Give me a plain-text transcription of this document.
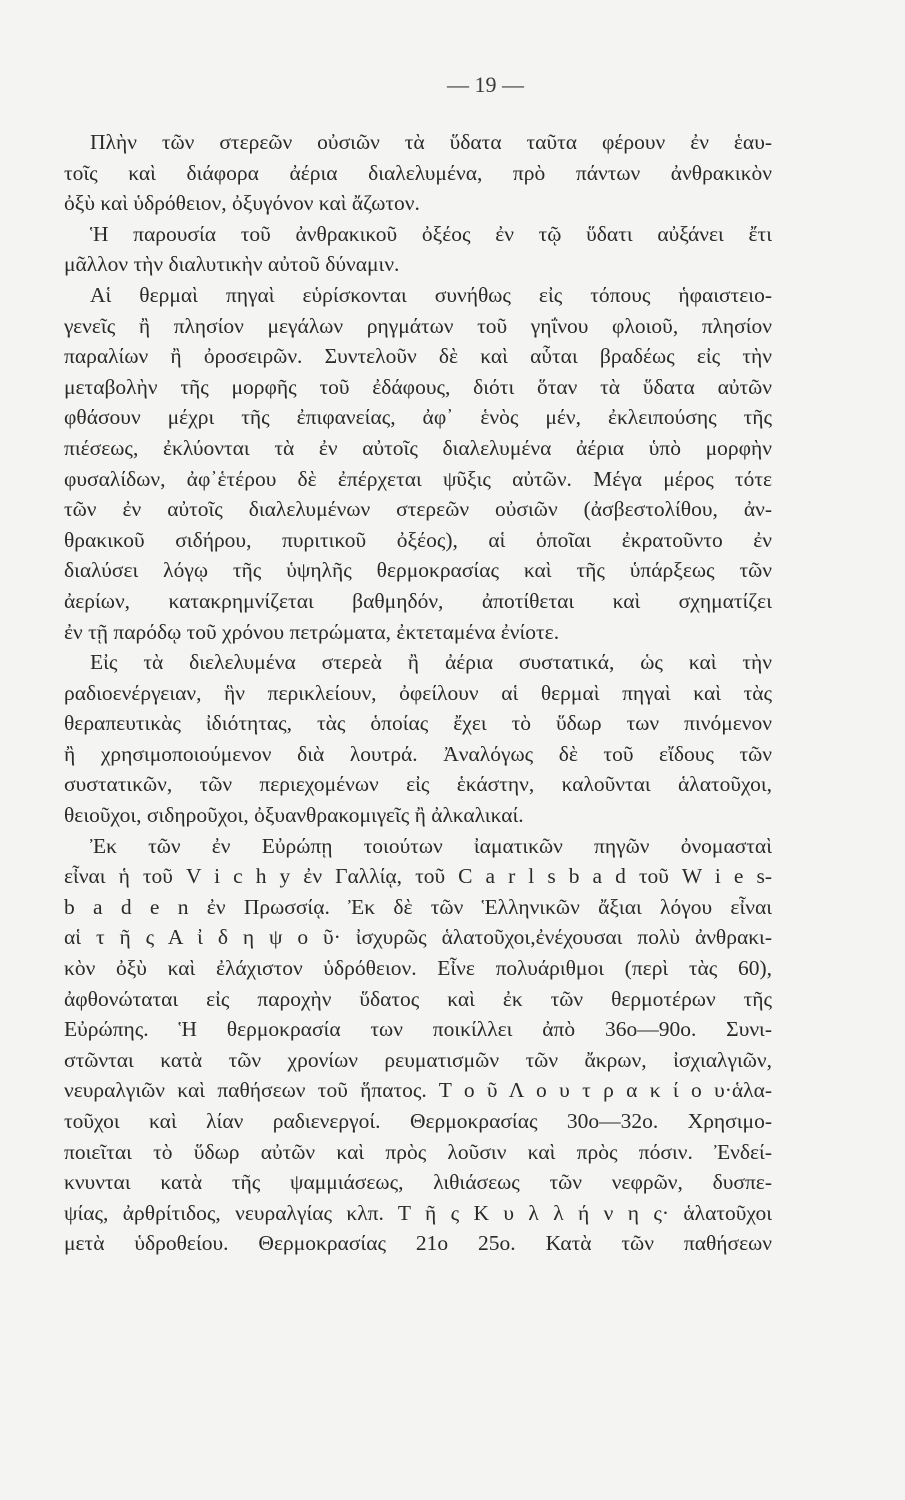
— 19 —
Πλὴν τῶν στερεῶν οὐσιῶν τὰ ὕδατα ταῦτα φέρουν ἐν ἑαυ-
τοῖς καὶ διάφορα ἀέρια διαλελυμένα, πρὸ πάντων ἀνθρακικὸν
ὀξὺ καὶ ὑδρόθειον, ὀξυγόνον καὶ ἄζωτον.
Ἡ παρουσία τοῦ ἀνθρακικοῦ ὀξέος ἐν τῷ ὕδατι αὐξάνει ἔτι
μᾶλλον τὴν διαλυτικὴν αὐτοῦ δύναμιν.
Αἱ θερμαὶ πηγαὶ εὑρίσκονται συνήθως εἰς τόπους ἡφαιστειο-
γενεῖς ἢ πλησίον μεγάλων ρηγμάτων τοῦ γηΐνου φλοιοῦ, πλησίον
παραλίων ἢ ὀροσειρῶν. Συντελοῦν δὲ καὶ αὗται βραδέως εἰς τὴν
μεταβολὴν τῆς μορφῆς τοῦ ἐδάφους, διότι ὅταν τὰ ὕδατα αὐτῶν
φθάσουν μέχρι τῆς ἐπιφανείας, ἀφ᾽ ἑνὸς μέν, ἐκλειπούσης τῆς
πιέσεως, ἐκλύονται τὰ ἐν αὐτοῖς διαλελυμένα ἀέρια ὑπὸ μορφὴν
φυσαλίδων, ἀφ᾽ἑτέρου δὲ ἐπέρχεται ψῦξις αὐτῶν. Μέγα μέρος τότε
τῶν ἐν αὐτοῖς διαλελυμένων στερεῶν οὐσιῶν (ἀσβεστολίθου, ἀν-
θρακικοῦ σιδήρου, πυριτικοῦ ὀξέος), αἱ ὁποῖαι ἐκρατοῦντο ἐν
διαλύσει λόγῳ τῆς ὑψηλῆς θερμοκρασίας καὶ τῆς ὑπάρξεως τῶν
ἀερίων, κατακρημνίζεται βαθμηδόν, ἀποτίθεται καὶ σχηματίζει
ἐν τῇ παρόδῳ τοῦ χρόνου πετρώματα, ἐκτεταμένα ἐνίοτε.
Εἰς τὰ διελελυμένα στερεὰ ἢ ἀέρια συστατικά, ὡς καὶ τὴν
ραδιοενέργειαν, ἣν περικλείουν, ὀφείλουν αἱ θερμαὶ πηγαὶ καὶ τὰς
θεραπευτικὰς ἰδιότητας, τὰς ὁποίας ἔχει τὸ ὕδωρ των πινόμενον
ἢ χρησιμοποιούμενον διὰ λουτρά. Ἀναλόγως δὲ τοῦ εἴδους τῶν
συστατικῶν, τῶν περιεχομένων εἰς ἑκάστην, καλοῦνται ἁλατοῦχοι,
θειοῦχοι, σιδηροῦχοι, ὀξυανθρακομιγεῖς ἢ ἀλκαλικαί.
Ἐκ τῶν ἐν Εὐρώπῃ τοιούτων ἰαματικῶν πηγῶν ὀνομασταὶ
εἶναι ἡ τοῦ V i c h y ἐν Γαλλίᾳ, τοῦ C a r l s b a d τοῦ W i e s-
b a d e n ἐν Πρωσσίᾳ. Ἐκ δὲ τῶν Ἑλληνικῶν ἄξιαι λόγου εἶναι
αἱ τ ῆ ς Α ἰ δ η ψ ο ῦ· ἰσχυρῶς ἁλατοῦχοι,ἐνέχουσαι πολὺ ἀνθρακι-
κὸν ὀξὺ καὶ ἐλάχιστον ὑδρόθειον. Εἶνε πολυάριθμοι (περὶ τὰς 60),
ἀφθονώταται εἰς παροχὴν ὕδατος καὶ ἐκ τῶν θερμοτέρων τῆς
Εὐρώπης. Ἡ θερμοκρασία των ποικίλλει ἀπὸ 36ο—90ο. Συνι-
στῶνται κατὰ τῶν χρονίων ρευματισμῶν τῶν ἄκρων, ἰσχιαλγιῶν,
νευραλγιῶν καὶ παθήσεων τοῦ ἥπατος. Τ ο ῦ Λ ο υ τ ρ α κ ί ο υ·ἁλα-
τοῦχοι καὶ λίαν ραδιενεργοί. Θερμοκρασίας 30ο—32ο. Χρησιμο-
ποιεῖται τὸ ὕδωρ αὐτῶν καὶ πρὸς λοῦσιν καὶ πρὸς πόσιν. Ἐνδεί-
κνυνται κατὰ τῆς ψαμμιάσεως, λιθιάσεως τῶν νεφρῶν, δυσπε-
ψίας, ἀρθρίτιδος, νευραλγίας κλπ. Τ ῆ ς Κ υ λ λ ή ν η ς· ἁλατοῦχοι
μετὰ ὑδροθείου. Θερμοκρασίας 21ο 25ο. Κατὰ τῶν παθήσεων
